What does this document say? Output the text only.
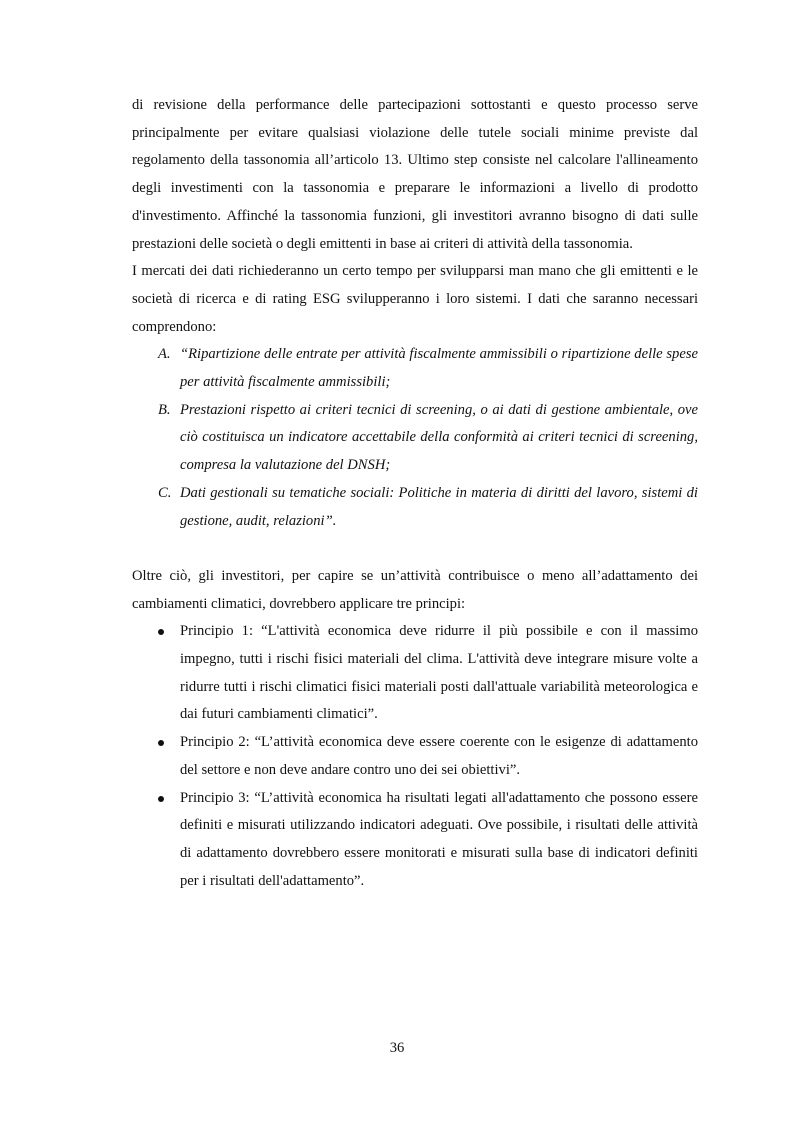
di revisione della performance delle partecipazioni sottostanti e questo processo serve principalmente per evitare qualsiasi violazione delle tutele sociali minime previste dal regolamento della tassonomia all’articolo 13. Ultimo step consiste nel calcolare l'allineamento degli investimenti con la tassonomia e preparare le informazioni a livello di prodotto d'investimento. Affinché la tassonomia funzioni, gli investitori avranno bisogno di dati sulle prestazioni delle società o degli emittenti in base ai criteri di attività della tassonomia.

I mercati dei dati richiederanno un certo tempo per svilupparsi man mano che gli emittenti e le società di ricerca e di rating ESG svilupperanno i loro sistemi. I dati che saranno necessari comprendono:

A. “Ripartizione delle entrate per attività fiscalmente ammissibili o ripartizione delle spese per attività fiscalmente ammissibili;
B. Prestazioni rispetto ai criteri tecnici di screening, o ai dati di gestione ambientale, ove ciò costituisca un indicatore accettabile della conformità ai criteri tecnici di screening, compresa la valutazione del DNSH;
C. Dati gestionali su tematiche sociali: Politiche in materia di diritti del lavoro, sistemi di gestione, audit, relazioni”.

Oltre ciò, gli investitori, per capire se un’attività contribuisce o meno all’adattamento dei cambiamenti climatici, dovrebbero applicare tre principi:

Principio 1: “L'attività economica deve ridurre il più possibile e con il massimo impegno, tutti i rischi fisici materiali del clima. L'attività deve integrare misure volte a ridurre tutti i rischi climatici fisici materiali posti dall'attuale variabilità meteorologica e dai futuri cambiamenti climatici”.
Principio 2: “L’attività economica deve essere coerente con le esigenze di adattamento del settore e non deve andare contro uno dei sei obiettivi”.
Principio 3: “L’attività economica ha risultati legati all'adattamento che possono essere definiti e misurati utilizzando indicatori adeguati. Ove possibile, i risultati delle attività di adattamento dovrebbero essere monitorati e misurati sulla base di indicatori definiti per i risultati dell'adattamento”.
36
